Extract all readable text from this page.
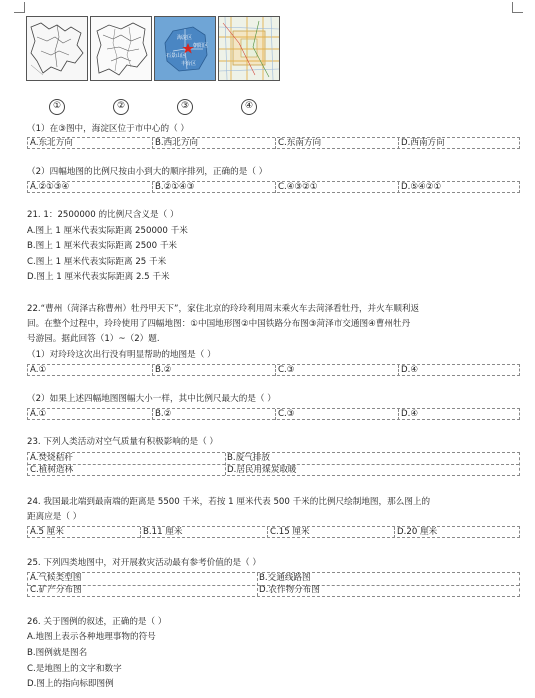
海淀区
朝阳区
石景山区
丰台区
①	②	③	④
（1）在③图中，海淀区位于市中心的（ ）
A.东北方向	B.西北方向	C.东南方向	D.西南方向
（2）四幅地图的比例尺按由小到大的顺序排列，正确的是（ ）
A.②①③④	B.②①④③	C.④③②①	D.⑤④②①
21. 1：2500000 的比例尺含义是（ ）
A.图上 1 厘米代表实际距离 250000 千米
B.图上 1 厘米代表实际距离 2500 千米
C.图上 1 厘米代表实际距离 25 千米
D.图上 1 厘米代表实际距离 2.5 千米
22.“曹州（菏泽古称曹州）牡丹甲天下”，家住北京的玲玲利用周末乘火车去菏泽看牡丹，并火车顺利返
回。在整个过程中，玲玲使用了四幅地图：①中国地形图②中国铁路分布图③菏泽市交通图④曹州牡丹
号游园。据此回答（1）~（2）题.
（1）对玲玲这次出行没有明显帮助的地图是（ ）
A.①	B.②	C.③	D.④
（2）如果上述四幅地图图幅大小一样，其中比例尺最大的是（ ）
A.①	B.②	C.③	D.④
23. 下列人类活动对空气质量有积极影响的是（ ）
A.焚烧秸秆	B.废气排放
C.植树造林	D.居民用煤炭取暖
24. 我国最北端到最南端的距离是 5500 千米，若按 1 厘米代表 500 千米的比例尺绘制地图，那么图上的
距离应是（ ）
A.5 厘米	B.11 厘米	C.15 厘米	D.20 厘米
25. 下列四类地图中，对开展救灾活动最有参考价值的是（ ）
A.气候类型图	B.交通线路图
C.矿产分布图	D.农作物分布图
26. 关于图例的叙述，正确的是（ ）
A.地图上表示各种地理事物的符号
B.图例就是图名
C.是地图上的文字和数字
D.图上的指向标即图例
